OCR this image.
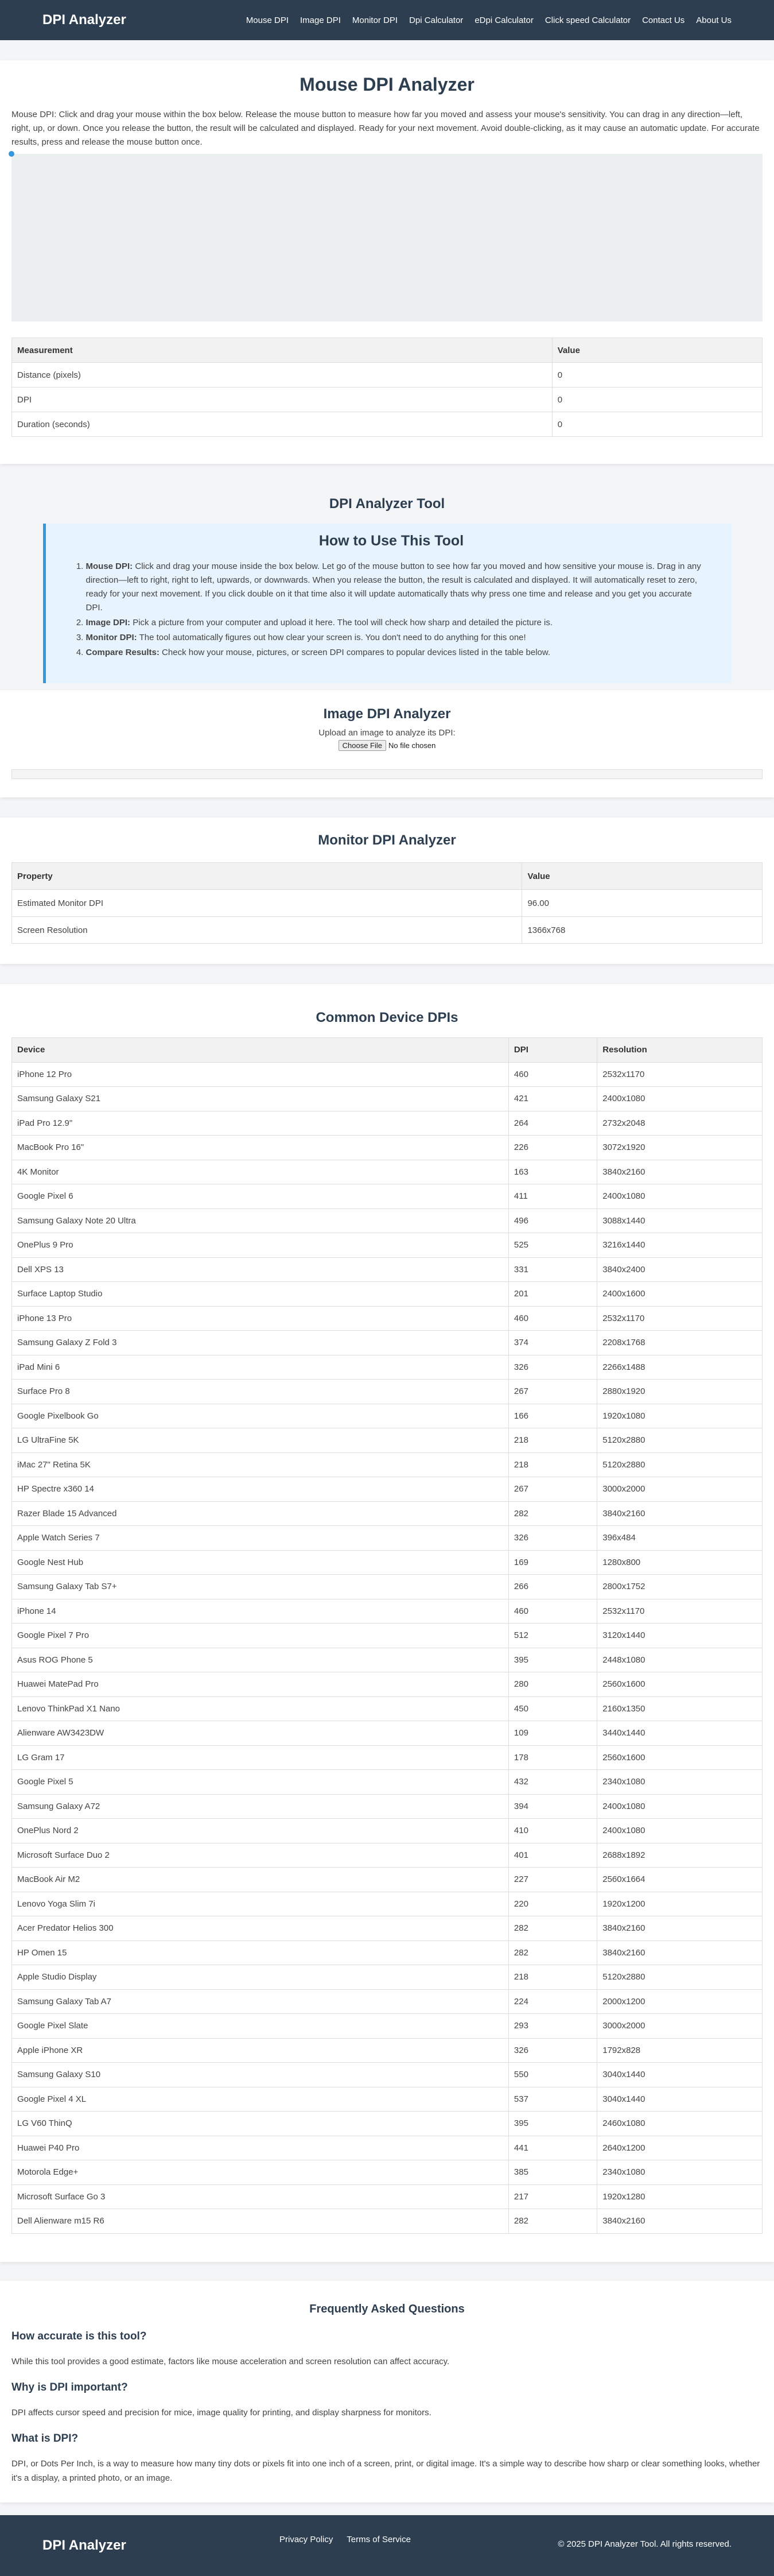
DPI Analyzer	Mouse DPI Image DPI Monitor DPI Dpi Calculator eDpi Calculator Click speed Calculator Contact Us About Us
Mouse DPI Analyzer

Mouse DPI: Click and drag your mouse within the box below. Release the mouse button to measure how far you moved and assess your mouse's sensitivity. You can drag in any direction—left, right, up, or down. Once you release the button, the result will be calculated and displayed. Ready for your next movement. Avoid double-clicking, as it may cause an automatic update. For accurate results, press and release the mouse button once.

Measurement	Value
Distance (pixels)	0
DPI	0
Duration (seconds)	0
DPI Analyzer Tool
How to Use This Tool
1. Mouse DPI: Click and drag your mouse inside the box below. Let go of the mouse button to see how far you moved and how sensitive your mouse is. Drag in any direction—left to right, right to left, upwards, or downwards. When you release the button, the result is calculated and displayed. It will automatically reset to zero, ready for your next movement. If you click double on it that time also it will update automatically thats why press one time and release and you get you accurate DPI.
2. Image DPI: Pick a picture from your computer and upload it here. The tool will check how sharp and detailed the picture is.
3. Monitor DPI: The tool automatically figures out how clear your screen is. You don't need to do anything for this one!
4. Compare Results: Check how your mouse, pictures, or screen DPI compares to popular devices listed in the table below.
Image DPI Analyzer

Upload an image to analyze its DPI:

Choose File No file chosen
Monitor DPI Analyzer
Property	Value
Estimated Monitor DPI	96.00
Screen Resolution	1366x768
Common Device DPIs
Device	DPI	Resolution
iPhone 12 Pro	460	2532x1170
Samsung Galaxy S21	421	2400x1080
iPad Pro 12.9"	264	2732x2048
MacBook Pro 16"	226	3072x1920
4K Monitor	163	3840x2160
Google Pixel 6	411	2400x1080
Samsung Galaxy Note 20 Ultra	496	3088x1440
OnePlus 9 Pro	525	3216x1440
Dell XPS 13	331	3840x2400
Surface Laptop Studio	201	2400x1600
iPhone 13 Pro	460	2532x1170
Samsung Galaxy Z Fold 3	374	2208x1768
iPad Mini 6	326	2266x1488
Surface Pro 8	267	2880x1920
Google Pixelbook Go	166	1920x1080
LG UltraFine 5K	218	5120x2880
iMac 27" Retina 5K	218	5120x2880
HP Spectre x360 14	267	3000x2000
Razer Blade 15 Advanced	282	3840x2160
Apple Watch Series 7	326	396x484
Google Nest Hub	169	1280x800
Samsung Galaxy Tab S7+	266	2800x1752
iPhone 14	460	2532x1170
Google Pixel 7 Pro	512	3120x1440
Asus ROG Phone 5	395	2448x1080
Huawei MatePad Pro	280	2560x1600
Lenovo ThinkPad X1 Nano	450	2160x1350
Alienware AW3423DW	109	3440x1440
LG Gram 17	178	2560x1600
Google Pixel 5	432	2340x1080
Samsung Galaxy A72	394	2400x1080
OnePlus Nord 2	410	2400x1080
Microsoft Surface Duo 2	401	2688x1892
MacBook Air M2	227	2560x1664
Lenovo Yoga Slim 7i	220	1920x1200
Acer Predator Helios 300	282	3840x2160
HP Omen 15	282	3840x2160
Apple Studio Display	218	5120x2880
Samsung Galaxy Tab A7	224	2000x1200
Google Pixel Slate	293	3000x2000
Apple iPhone XR	326	1792x828
Samsung Galaxy S10	550	3040x1440
Google Pixel 4 XL	537	3040x1440
LG V60 ThinQ	395	2460x1080
Huawei P40 Pro	441	2640x1200
Motorola Edge+	385	2340x1080
Microsoft Surface Go 3	217	1920x1280
Dell Alienware m15 R6	282	3840x2160
Frequently Asked Questions
How accurate is this tool?

While this tool provides a good estimate, factors like mouse acceleration and screen resolution can affect accuracy.

Why is DPI important?

DPI affects cursor speed and precision for mice, image quality for printing, and display sharpness for monitors.

What is DPI?

DPI, or Dots Per Inch, is a way to measure how many tiny dots or pixels fit into one inch of a screen, print, or digital image. It's a simple way to describe how sharp or clear something looks, whether it's a display, a printed photo, or an image.

DPI Analyzer	Privacy Policy Terms of Service	© 2025 DPI Analyzer Tool. All rights reserved.
